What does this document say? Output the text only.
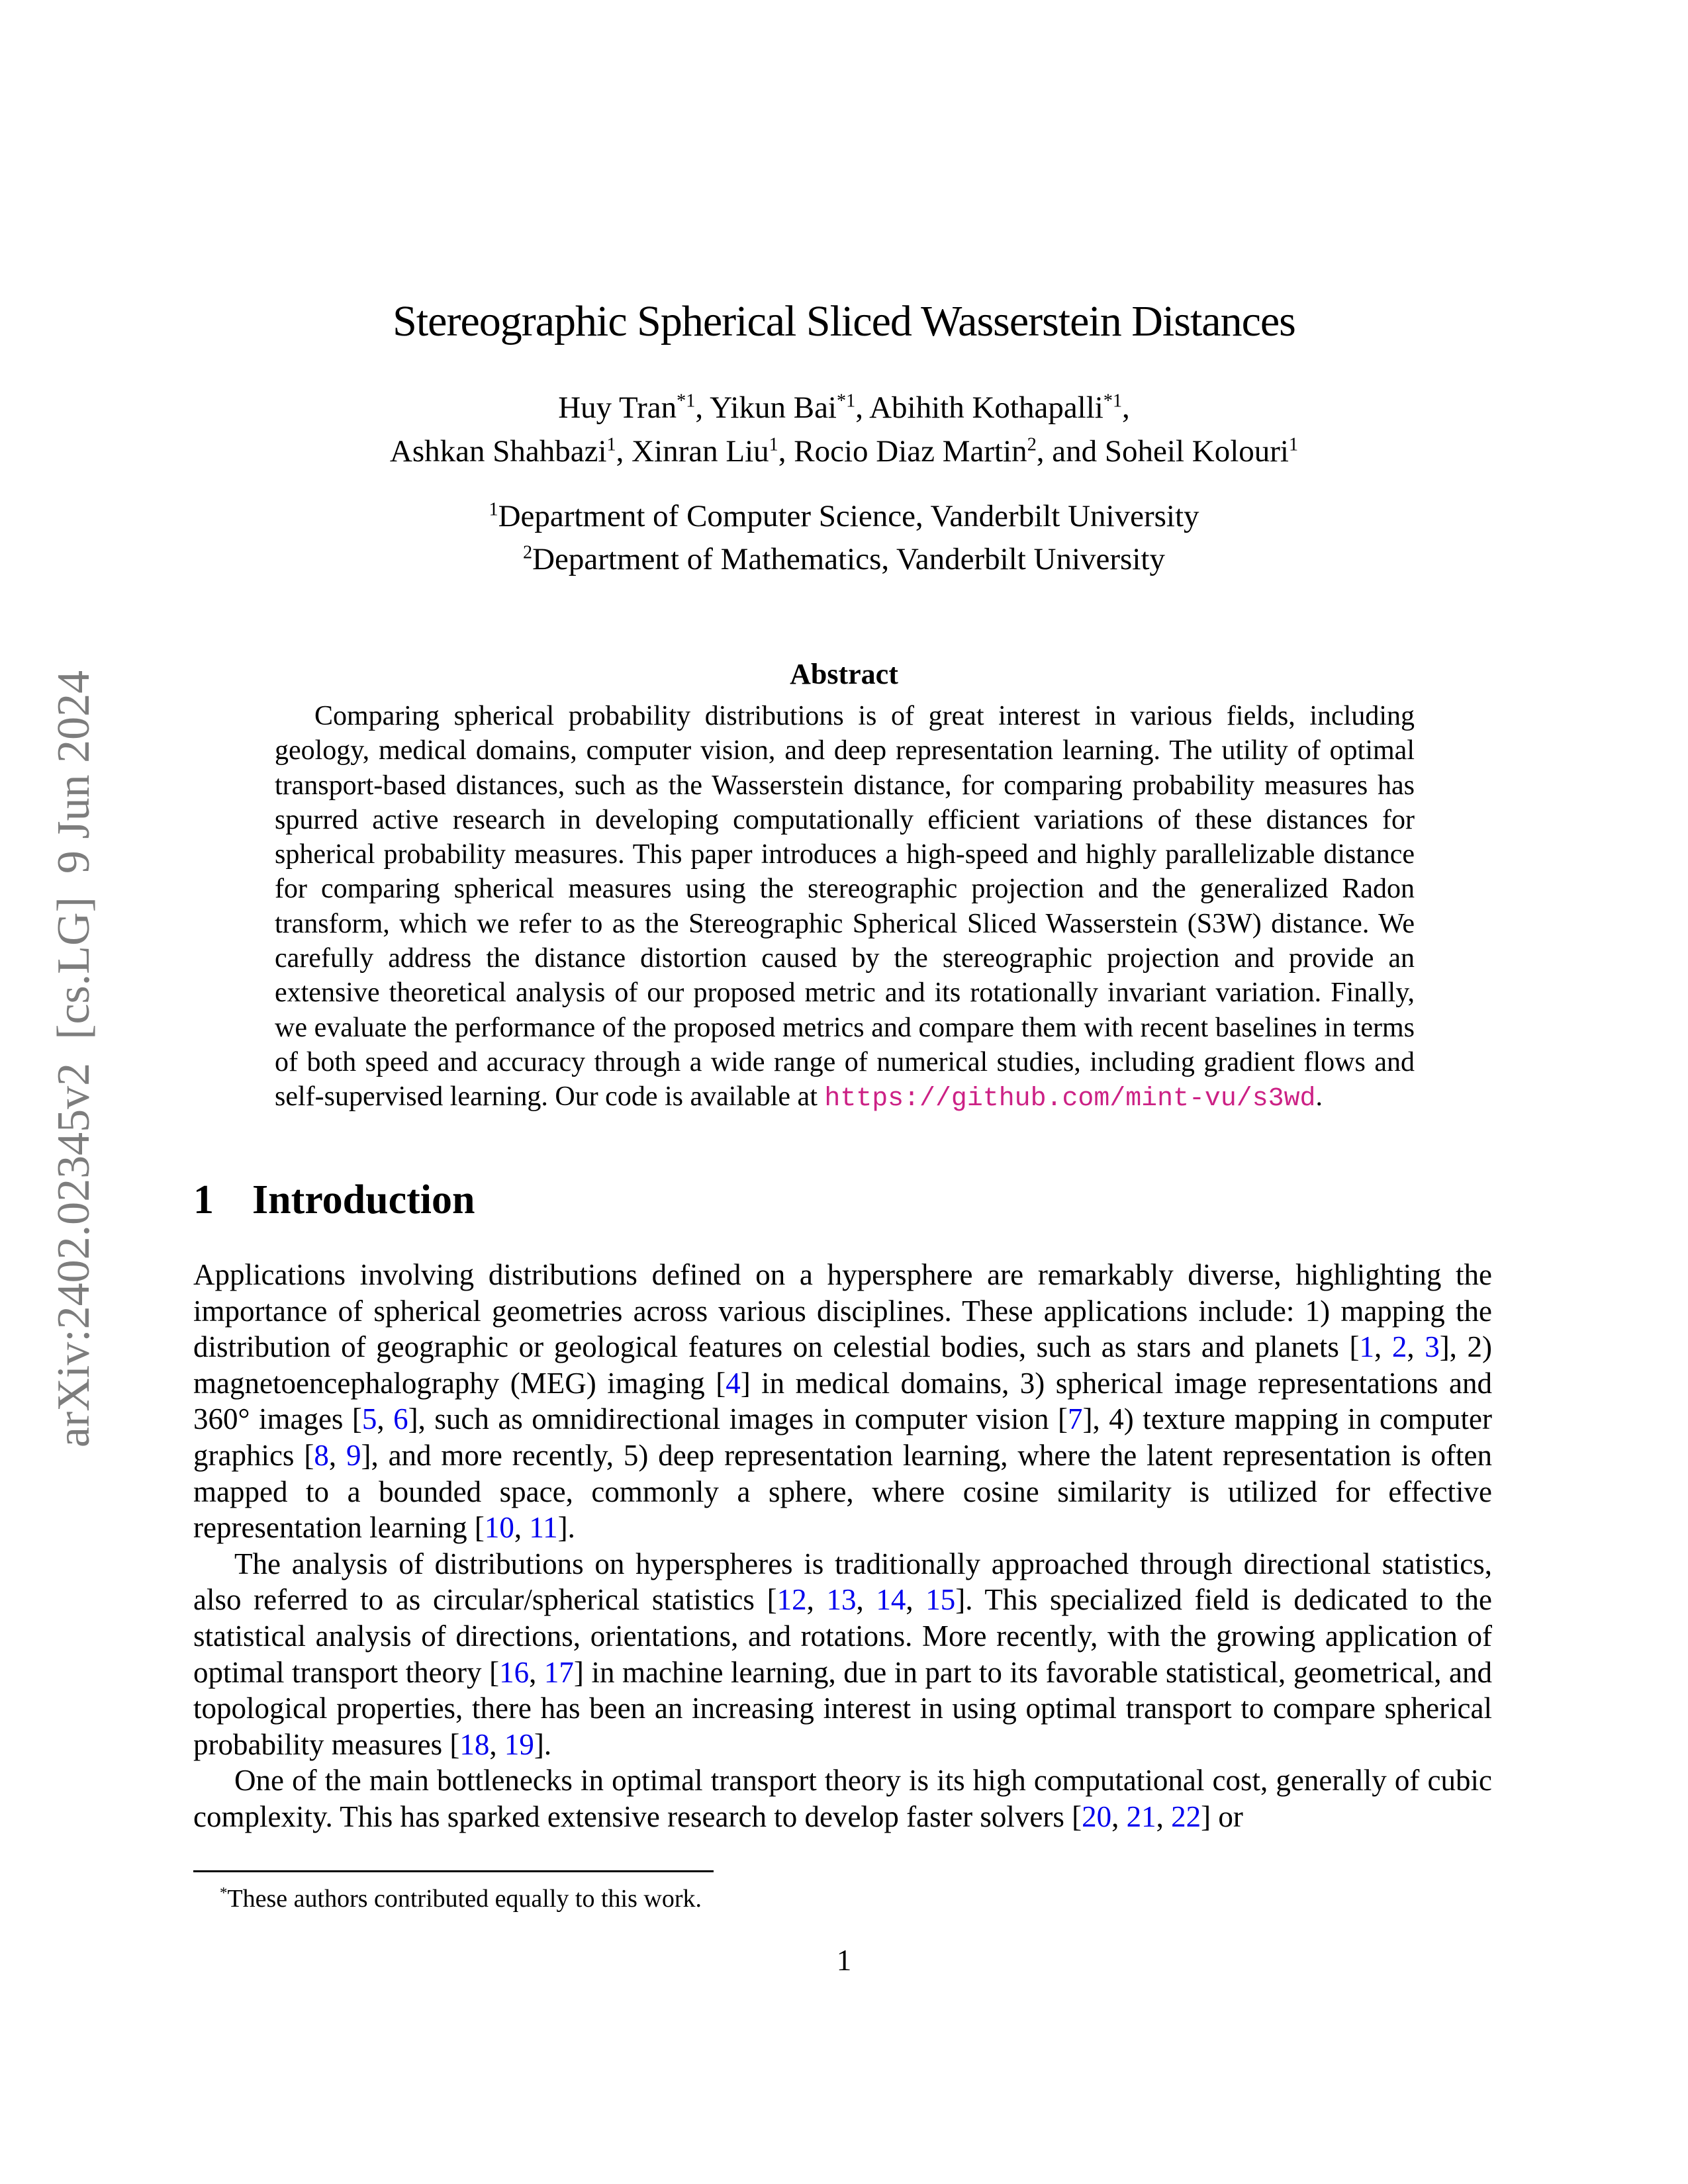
arXiv:2402.02345v2  [cs.LG]  9 Jun 2024
Stereographic Spherical Sliced Wasserstein Distances
Huy Tran$^{*1}$, Yikun Bai$^{*1}$, Abihith Kothapalli$^{*1}$,
Ashkan Shahbazi$^1$, Xinran Liu$^1$, Rocio Diaz Martin$^2$, and Soheil Kolouri$^1$
$^1$Department of Computer Science, Vanderbilt University
$^2$Department of Mathematics, Vanderbilt University
Abstract

Comparing spherical probability distributions is of great interest in various fields, including geology, medical domains, computer vision, and deep representation learning. The utility of optimal transport-based distances, such as the Wasserstein distance, for comparing probability measures has spurred active research in developing computationally efficient variations of these distances for spherical probability measures. This paper introduces a high-speed and highly parallelizable distance for comparing spherical measures using the stereographic projection and the generalized Radon transform, which we refer to as the Stereographic Spherical Sliced Wasserstein (S3W) distance. We carefully address the distance distortion caused by the stereographic projection and provide an extensive theoretical analysis of our proposed metric and its rotationally invariant variation. Finally, we evaluate the performance of the proposed metrics and compare them with recent baselines in terms of both speed and accuracy through a wide range of numerical studies, including gradient flows and self-supervised learning. Our code is available at https://github.com/mint-vu/s3wd.

1 Introduction

Applications involving distributions defined on a hypersphere are remarkably diverse, highlighting the importance of spherical geometries across various disciplines. These applications include: 1) mapping the distribution of geographic or geological features on celestial bodies, such as stars and planets [1, 2, 3], 2) magnetoencephalography (MEG) imaging [4] in medical domains, 3) spherical image representations and 360° images [5, 6], such as omnidirectional images in computer vision [7], 4) texture mapping in computer graphics [8, 9], and more recently, 5) deep representation learning, where the latent representation is often mapped to a bounded space, commonly a sphere, where cosine similarity is utilized for effective representation learning [10, 11].

The analysis of distributions on hyperspheres is traditionally approached through directional statistics, also referred to as circular/spherical statistics [12, 13, 14, 15]. This specialized field is dedicated to the statistical analysis of directions, orientations, and rotations. More recently, with the growing application of optimal transport theory [16, 17] in machine learning, due in part to its favorable statistical, geometrical, and topological properties, there has been an increasing interest in using optimal transport to compare spherical probability measures [18, 19].

One of the main bottlenecks in optimal transport theory is its high computational cost, generally of cubic complexity. This has sparked extensive research to develop faster solvers [20, 21, 22] or

*These authors contributed equally to this work.

1
